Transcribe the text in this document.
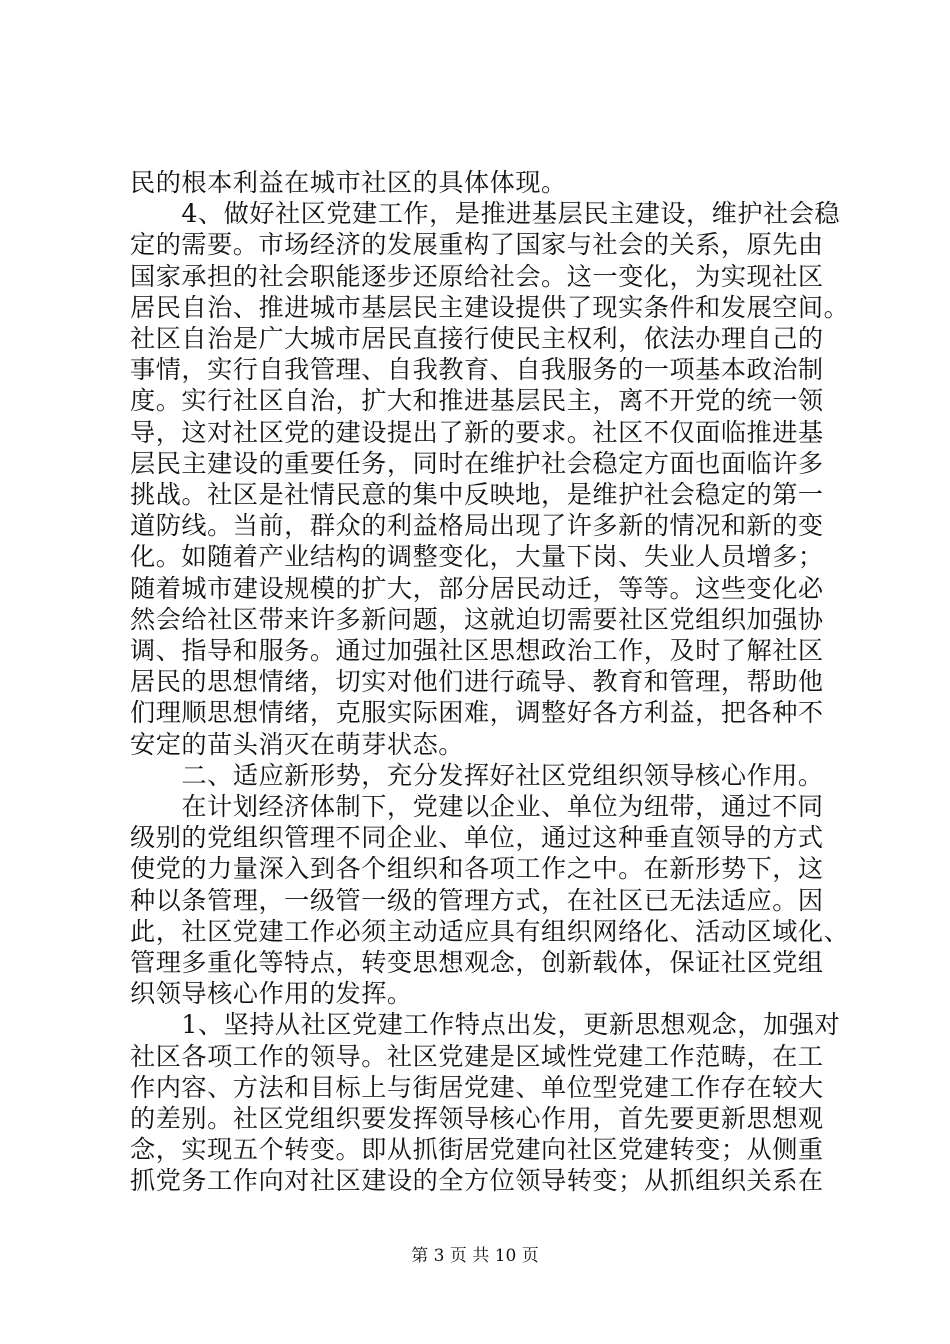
民的根本利益在城市社区的具体体现。
　　4、做好社区党建工作，是推进基层民主建设，维护社会稳
定的需要。市场经济的发展重构了国家与社会的关系，原先由
国家承担的社会职能逐步还原给社会。这一变化，为实现社区
居民自治、推进城市基层民主建设提供了现实条件和发展空间。
社区自治是广大城市居民直接行使民主权利，依法办理自己的
事情，实行自我管理、自我教育、自我服务的一项基本政治制
度。实行社区自治，扩大和推进基层民主，离不开党的统一领
导，这对社区党的建设提出了新的要求。社区不仅面临推进基
层民主建设的重要任务，同时在维护社会稳定方面也面临许多
挑战。社区是社情民意的集中反映地，是维护社会稳定的第一
道防线。当前，群众的利益格局出现了许多新的情况和新的变
化。如随着产业结构的调整变化，大量下岗、失业人员增多；
随着城市建设规模的扩大，部分居民动迁，等等。这些变化必
然会给社区带来许多新问题，这就迫切需要社区党组织加强协
调、指导和服务。通过加强社区思想政治工作，及时了解社区
居民的思想情绪，切实对他们进行疏导、教育和管理，帮助他
们理顺思想情绪，克服实际困难，调整好各方利益，把各种不
安定的苗头消灭在萌芽状态。
　　二、适应新形势，充分发挥好社区党组织领导核心作用。
　　在计划经济体制下，党建以企业、单位为纽带，通过不同
级别的党组织管理不同企业、单位，通过这种垂直领导的方式
使党的力量深入到各个组织和各项工作之中。在新形势下，这
种以条管理，一级管一级的管理方式，在社区已无法适应。因
此，社区党建工作必须主动适应具有组织网络化、活动区域化、
管理多重化等特点，转变思想观念，创新载体，保证社区党组
织领导核心作用的发挥。
　　1、坚持从社区党建工作特点出发，更新思想观念，加强对
社区各项工作的领导。社区党建是区域性党建工作范畴，在工
作内容、方法和目标上与街居党建、单位型党建工作存在较大
的差别。社区党组织要发挥领导核心作用，首先要更新思想观
念，实现五个转变。即从抓街居党建向社区党建转变；从侧重
抓党务工作向对社区建设的全方位领导转变；从抓组织关系在
第 3 页 共 10 页
